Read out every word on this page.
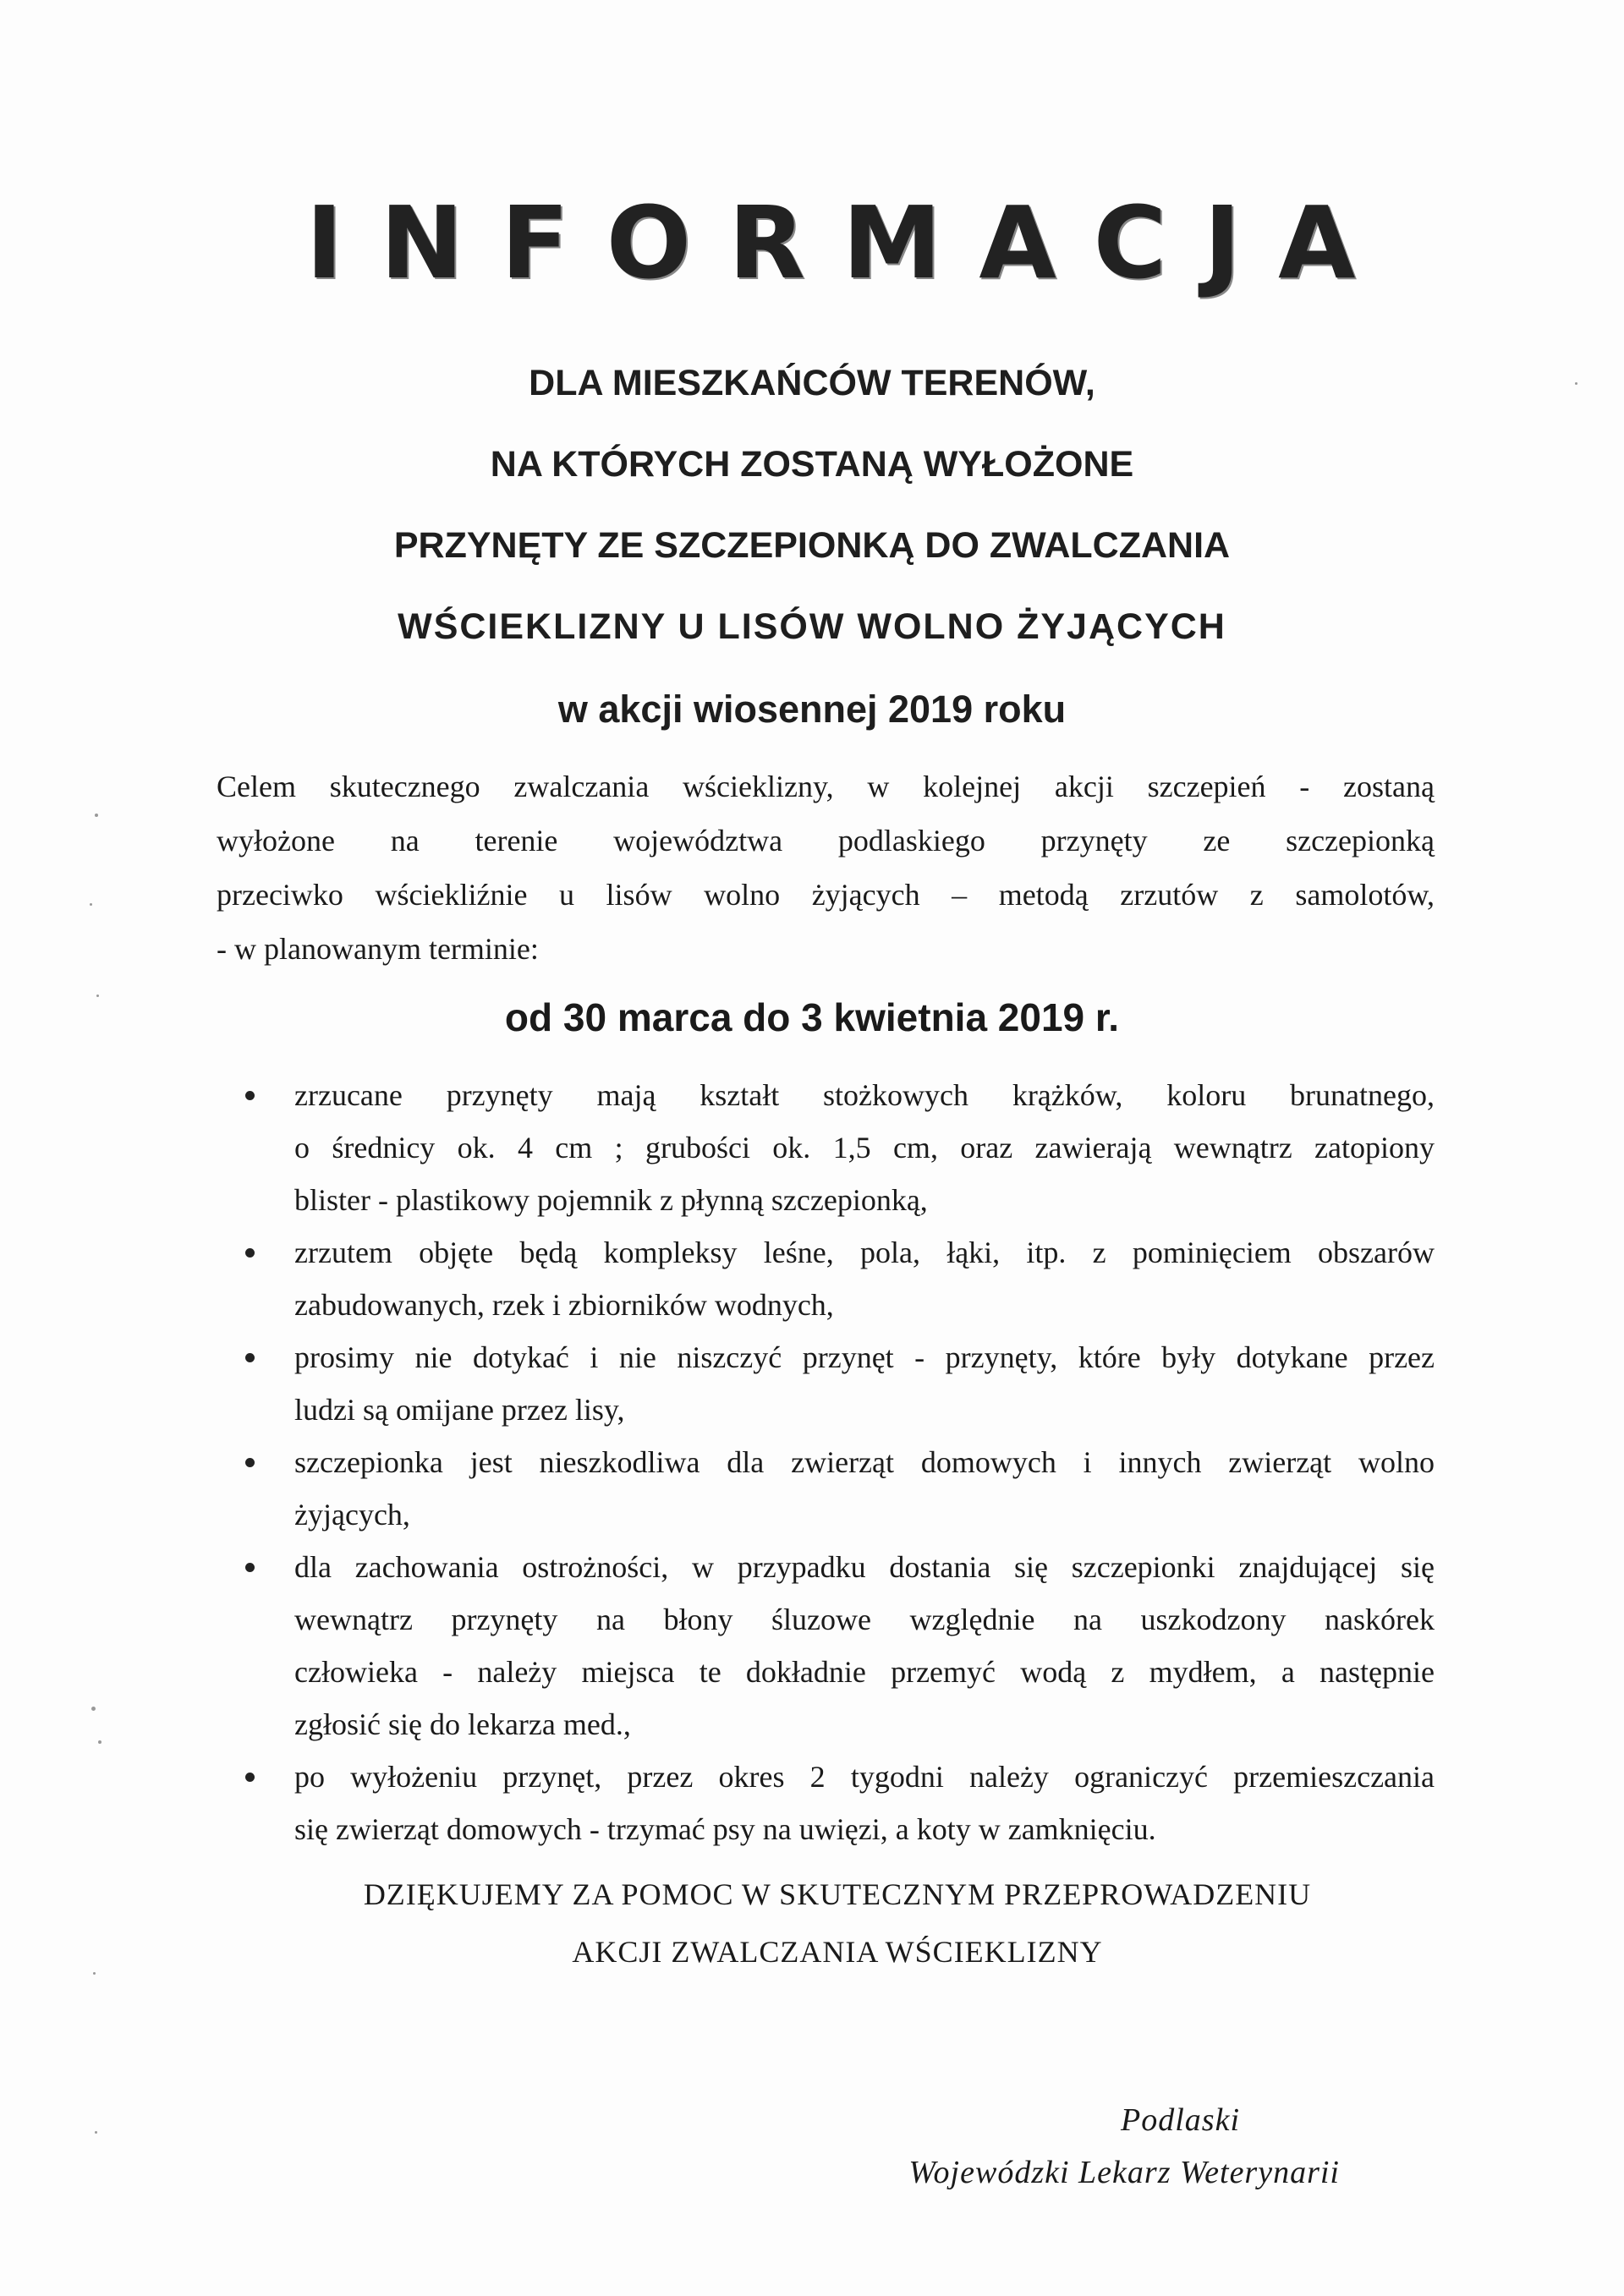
INFORMACJA
DLA MIESZKAŃCÓW TERENÓW,
NA KTÓRYCH ZOSTANĄ WYŁOŻONE
PRZYNĘTY ZE SZCZEPIONKĄ DO ZWALCZANIA
WŚCIEKLIZNY U LISÓW WOLNO ŻYJĄCYCH
w akcji wiosennej 2019 roku
Celem skutecznego zwalczania wścieklizny, w kolejnej akcji szczepień - zostaną
wyłożone na terenie województwa podlaskiego przynęty ze szczepionką
przeciwko wściekliźnie u lisów wolno żyjących – metodą zrzutów z samolotów,
- w planowanym terminie:
od 30 marca do 3 kwietnia 2019 r.
zrzucane przynęty mają kształt stożkowych krążków, koloru brunatnego,
o średnicy ok. 4 cm ; grubości ok. 1,5 cm, oraz zawierają wewnątrz zatopiony
blister - plastikowy pojemnik z płynną szczepionką,
zrzutem objęte będą kompleksy leśne, pola, łąki, itp. z pominięciem obszarów
zabudowanych, rzek i zbiorników wodnych,
prosimy nie dotykać i nie niszczyć przynęt - przynęty, które były dotykane przez
ludzi są omijane przez lisy,
szczepionka jest nieszkodliwa dla zwierząt domowych i innych zwierząt wolno
żyjących,
dla zachowania ostrożności, w przypadku dostania się szczepionki znajdującej się
wewnątrz przynęty na błony śluzowe względnie na uszkodzony naskórek
człowieka - należy miejsca te dokładnie przemyć wodą z mydłem, a następnie
zgłosić się do lekarza med.,
po wyłożeniu przynęt, przez okres 2 tygodni należy ograniczyć przemieszczania
się zwierząt domowych - trzymać psy na uwięzi, a koty w zamknięciu.
DZIĘKUJEMY ZA POMOC W SKUTECZNYM PRZEPROWADZENIU
AKCJI ZWALCZANIA WŚCIEKLIZNY
Podlaski
Wojewódzki Lekarz Weterynarii
